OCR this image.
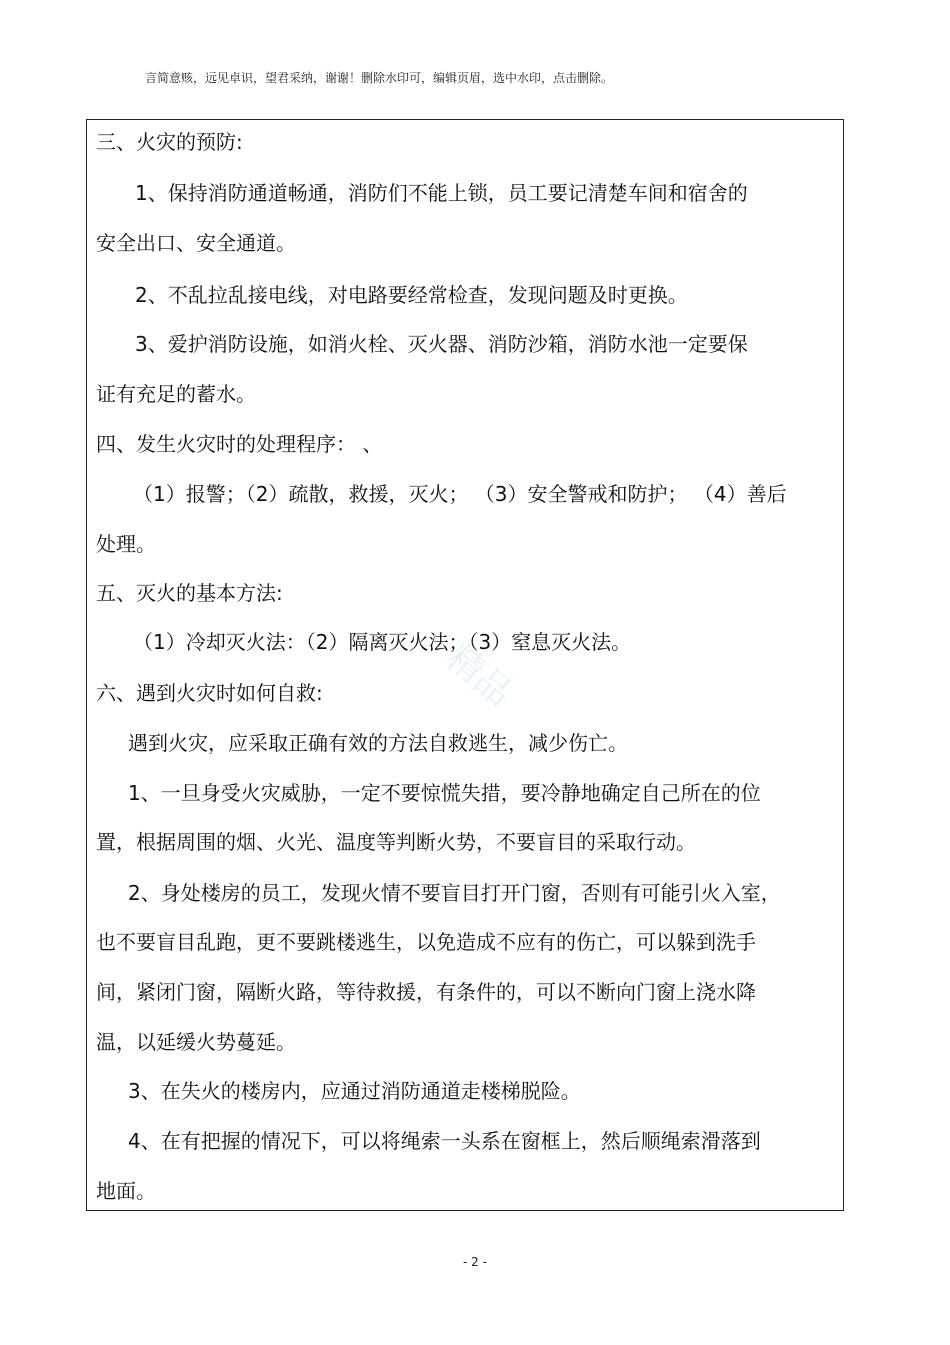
言简意赅，远见卓识，望君采纳，谢谢！删除水印可，编辑页眉，选中水印，点击删除。
三、火灾的预防:
1、保持消防通道畅通，消防们不能上锁，员工要记清楚车间和宿舍的
安全出口、安全通道。
2、不乱拉乱接电线，对电路要经常检查，发现问题及时更换。
3、爱护消防设施，如消火栓、灭火器、消防沙箱，消防水池一定要保
证有充足的蓄水。
四、发生火灾时的处理程序： 、
（1）报警；（2）疏散，救援，灭火； （3）安全警戒和防护； （4）善后
处理。
五、灭火的基本方法:
（1）冷却灭火法：（2）隔离灭火法；（3）窒息灭火法。
六、遇到火灾时如何自救:
遇到火灾，应采取正确有效的方法自救逃生，减少伤亡。
1、一旦身受火灾威胁，一定不要惊慌失措，要冷静地确定自己所在的位
置，根据周围的烟、火光、温度等判断火势，不要盲目的采取行动。
2、身处楼房的员工，发现火情不要盲目打开门窗，否则有可能引火入室，
也不要盲目乱跑，更不要跳楼逃生，以免造成不应有的伤亡，可以躲到洗手
间，紧闭门窗，隔断火路，等待救援，有条件的，可以不断向门窗上浇水降
温，以延缓火势蔓延。
3、在失火的楼房内，应通过消防通道走楼梯脱险。
4、在有把握的情况下，可以将绳索一头系在窗框上，然后顺绳索滑落到
地面。
精品
- 2 -
